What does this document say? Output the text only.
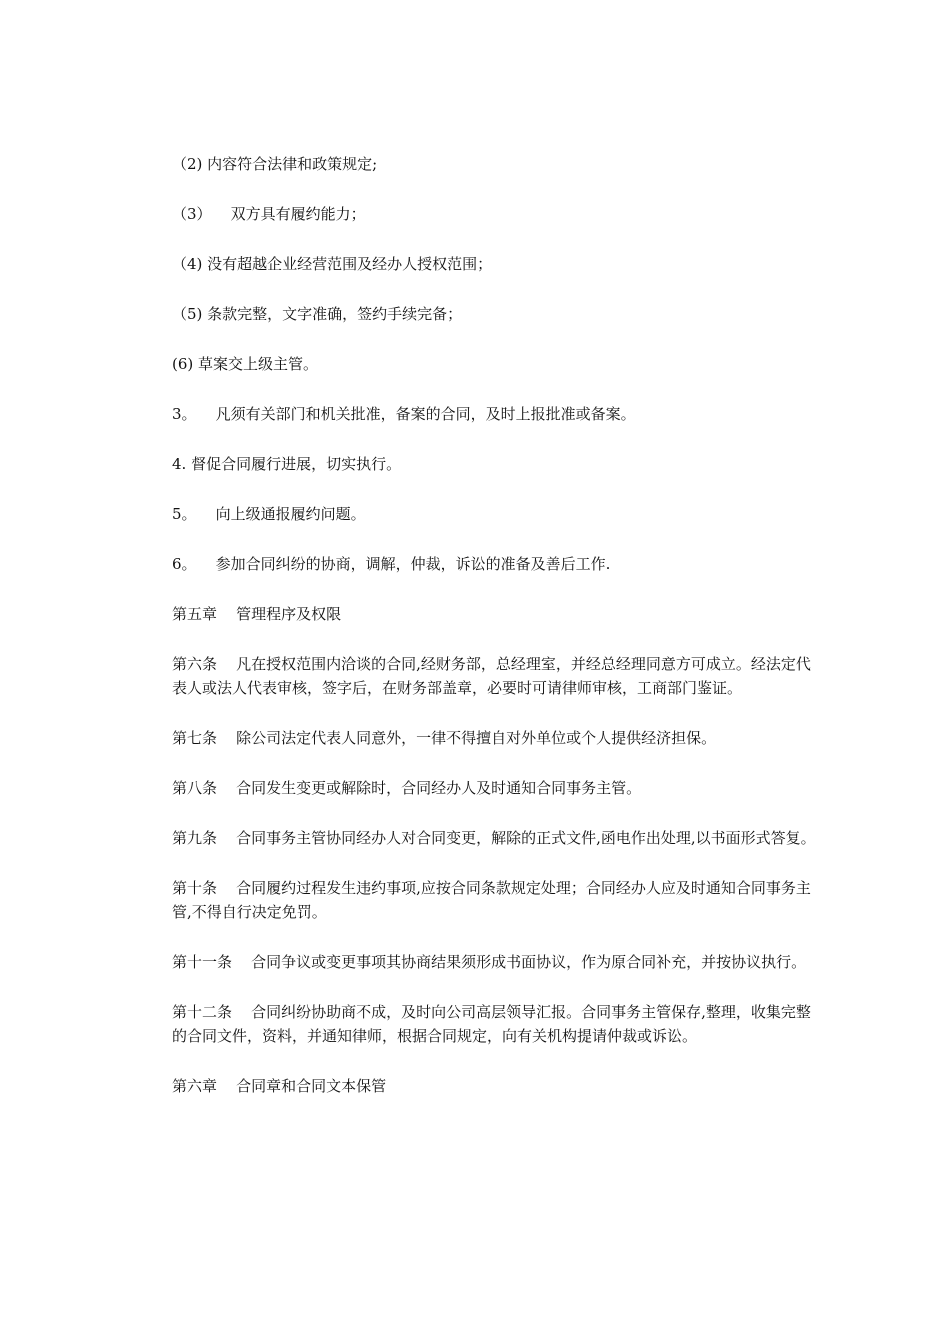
（2) 内容符合法律和政策规定;

（3）    双方具有履约能力；

（4) 没有超越企业经营范围及经办人授权范围；

（5) 条款完整，文字准确，签约手续完备；

(6) 草案交上级主管。

3。    凡须有关部门和机关批准，备案的合同，及时上报批准或备案。

4. 督促合同履行进展，切实执行。

5。    向上级通报履约问题。

6。    参加合同纠纷的协商，调解，仲裁，诉讼的准备及善后工作.

第五章    管理程序及权限

第六条    凡在授权范围内洽谈的合同,经财务部，总经理室，并经总经理同意方可成立。经法定代表人或法人代表审核，签字后，在财务部盖章，必要时可请律师审核，工商部门鉴证。

第七条    除公司法定代表人同意外，一律不得擅自对外单位或个人提供经济担保。

第八条    合同发生变更或解除时，合同经办人及时通知合同事务主管。

第九条    合同事务主管协同经办人对合同变更，解除的正式文件,函电作出处理,以书面形式答复。

第十条    合同履约过程发生违约事项,应按合同条款规定处理；合同经办人应及时通知合同事务主管,不得自行决定免罚。

第十一条    合同争议或变更事项其协商结果须形成书面协议，作为原合同补充，并按协议执行。

第十二条    合同纠纷协助商不成，及时向公司高层领导汇报。合同事务主管保存,整理，收集完整的合同文件，资料，并通知律师，根据合同规定，向有关机构提请仲裁或诉讼。

第六章    合同章和合同文本保管
